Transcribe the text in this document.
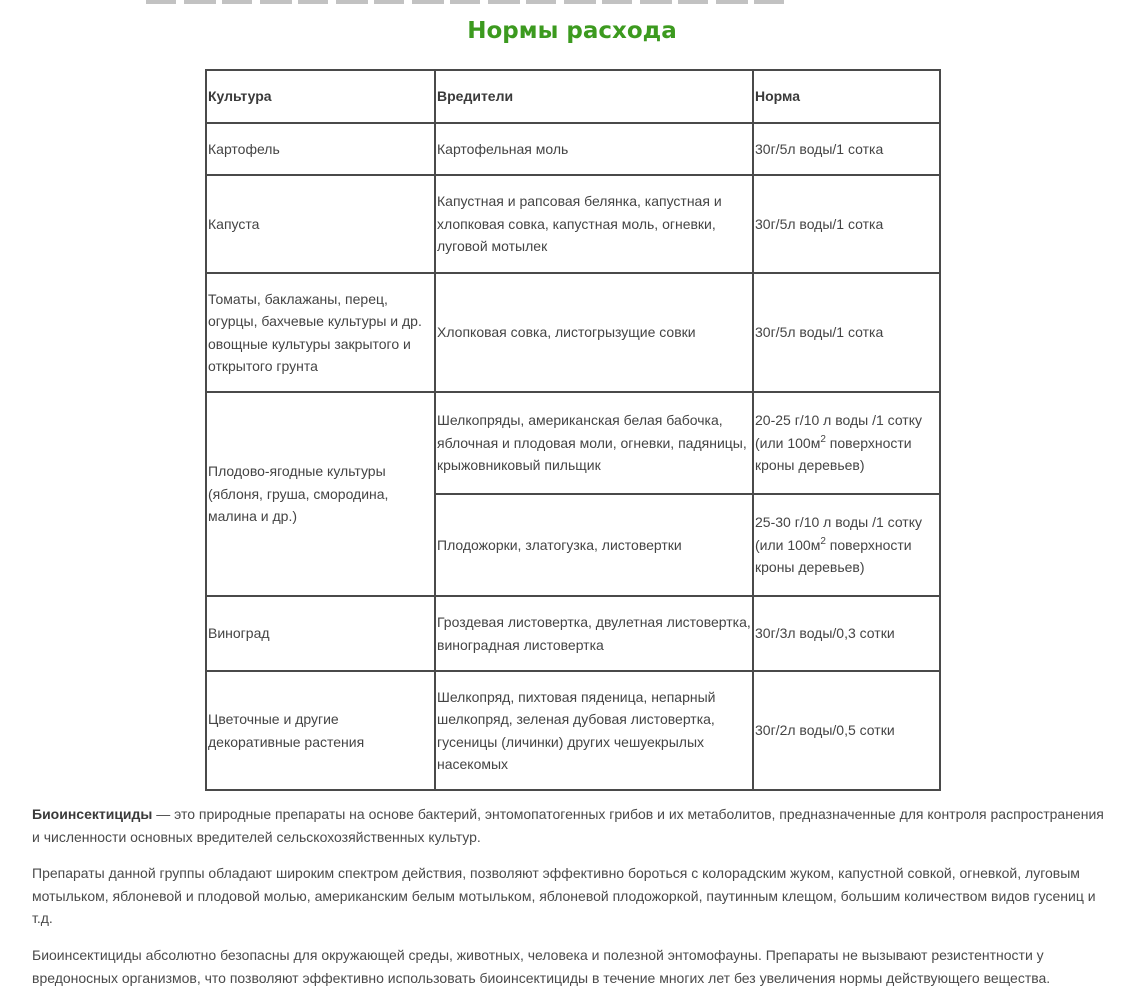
Нормы расхода
Культура	Вредители	Норма
Картофель	Картофельная моль	30г/5л воды/1 сотка
Капуста	Капустная и рапсовая белянка, капустная и хлопковая совка, капустная моль, огневки, луговой мотылек	30г/5л воды/1 сотка
Томаты, баклажаны, перец, огурцы, бахчевые культуры и др. овощные культуры закрытого и открытого грунта	Хлопковая совка, листогрызущие совки	30г/5л воды/1 сотка
Плодово-ягодные культуры (яблоня, груша, смородина, малина и др.)	Шелкопряды, американская белая бабочка, яблочная и плодовая моли, огневки, падяницы, крыжовниковый пильщик	20-25 г/10 л воды /1 сотку
(или $100м^2$ поверхности кроны деревьев)
	Плодожорки, златогузка, листовертки	25-30 г/10 л воды /1 сотку
(или $100м^2$ поверхности кроны деревьев)
Виноград	Гроздевая листовертка, двулетная листовертка, виноградная листовертка	30г/3л воды/0,3 сотки
Цветочные и другие декоративные растения	Шелкопряд, пихтовая пяденица, непарный шелкопряд, зеленая дубовая листовертка, гусеницы (личинки) других чешуекрылых насекомых	30г/2л воды/0,5 сотки

Биоинсектициды — это природные препараты на основе бактерий, энтомопатогенных грибов и их метаболитов, предназначенные для контроля распространения и численности основных вредителей сельскохозяйственных культур.

Препараты данной группы обладают широким спектром действия, позволяют эффективно бороться с колорадским жуком, капустной совкой, огневкой, луговым мотыльком, яблоневой и плодовой молью, американским белым мотыльком, яблоневой плодожоркой, паутинным клещом, большим количеством видов гусениц и т.д.

Биоинсектициды абсолютно безопасны для окружающей среды, животных, человека и полезной энтомофауны. Препараты не вызывают резистентности у вредоносных организмов, что позволяют эффективно использовать биоинсектициды в течение многих лет без увеличения нормы действующего вещества.
